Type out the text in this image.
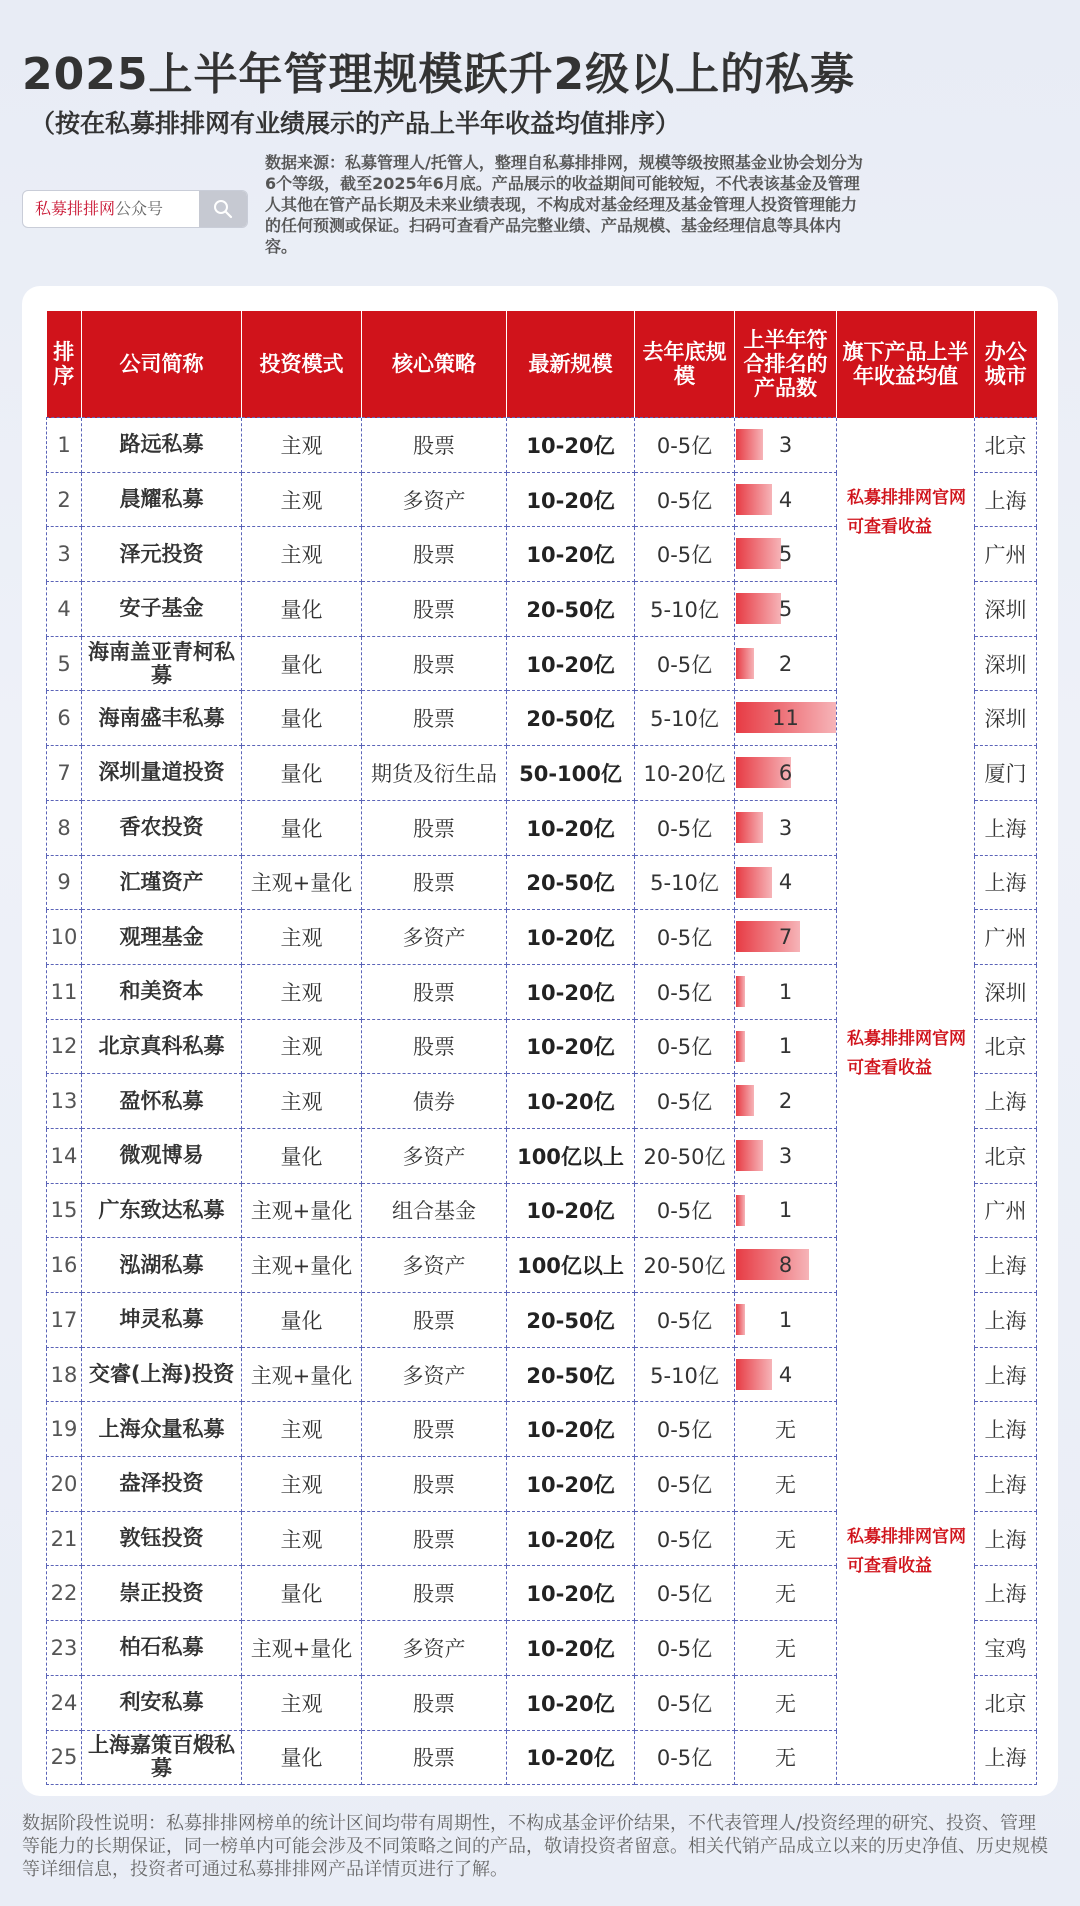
2025上半年管理规模跃升2级以上的私募
（按在私募排排网有业绩展示的产品上半年收益均值排序）
私募排排网公众号
数据来源：私募管理人/托管人，整理自私募排排网，规模等级按照基金业协会划分为6个等级，截至2025年6月底。产品展示的收益期间可能较短，不代表该基金及管理人其他在管产品长期及未来业绩表现，不构成对基金经理及基金管理人投资管理能力的任何预测或保证。扫码可查看产品完整业绩、产品规模、基金经理信息等具体内容。
排序	公司简称	投资模式	核心策略	最新规模	去年底规模	上半年符合排名的产品数	旗下产品上半年收益均值	办公城市
1	路远私募	主观	股票	10-20亿	0-5亿	3		北京
2	晨耀私募	主观	多资产	10-20亿	0-5亿	4	私募排排网官网可查看收益	上海
3	泽元投资	主观	股票	10-20亿	0-5亿	5		广州
4	安子基金	量化	股票	20-50亿	5-10亿	5		深圳
5	海南盖亚青柯私募	量化	股票	10-20亿	0-5亿	2		深圳
6	海南盛丰私募	量化	股票	20-50亿	5-10亿	11		深圳
7	深圳量道投资	量化	期货及衍生品	50-100亿	10-20亿	6		厦门
8	香农投资	量化	股票	10-20亿	0-5亿	3		上海
9	汇瑾资产	主观+量化	股票	20-50亿	5-10亿	4		上海
10	观理基金	主观	多资产	10-20亿	0-5亿	7		广州
11	和美资本	主观	股票	10-20亿	0-5亿	1		深圳
12	北京真科私募	主观	股票	10-20亿	0-5亿	1	私募排排网官网可查看收益	北京
13	盈怀私募	主观	债券	10-20亿	0-5亿	2		上海
14	微观博易	量化	多资产	100亿以上	20-50亿	3		北京
15	广东致达私募	主观+量化	组合基金	10-20亿	0-5亿	1		广州
16	泓湖私募	主观+量化	多资产	100亿以上	20-50亿	8		上海
17	坤灵私募	量化	股票	20-50亿	0-5亿	1		上海
18	交睿(上海)投资	主观+量化	多资产	20-50亿	5-10亿	4		上海
19	上海众量私募	主观	股票	10-20亿	0-5亿	无		上海
20	盎泽投资	主观	股票	10-20亿	0-5亿	无		上海
21	敦钰投资	主观	股票	10-20亿	0-5亿	无	私募排排网官网可查看收益	上海
22	崇正投资	量化	股票	10-20亿	0-5亿	无		上海
23	柏石私募	主观+量化	多资产	10-20亿	0-5亿	无		宝鸡
24	利安私募	主观	股票	10-20亿	0-5亿	无		北京
25	上海嘉策百煅私募	量化	股票	10-20亿	0-5亿	无		上海
数据阶段性说明：私募排排网榜单的统计区间均带有周期性，不构成基金评价结果，不代表管理人/投资经理的研究、投资、管理等能力的长期保证，同一榜单内可能会涉及不同策略之间的产品，敬请投资者留意。相关代销产品成立以来的历史净值、历史规模等详细信息，投资者可通过私募排排网产品详情页进行了解。
